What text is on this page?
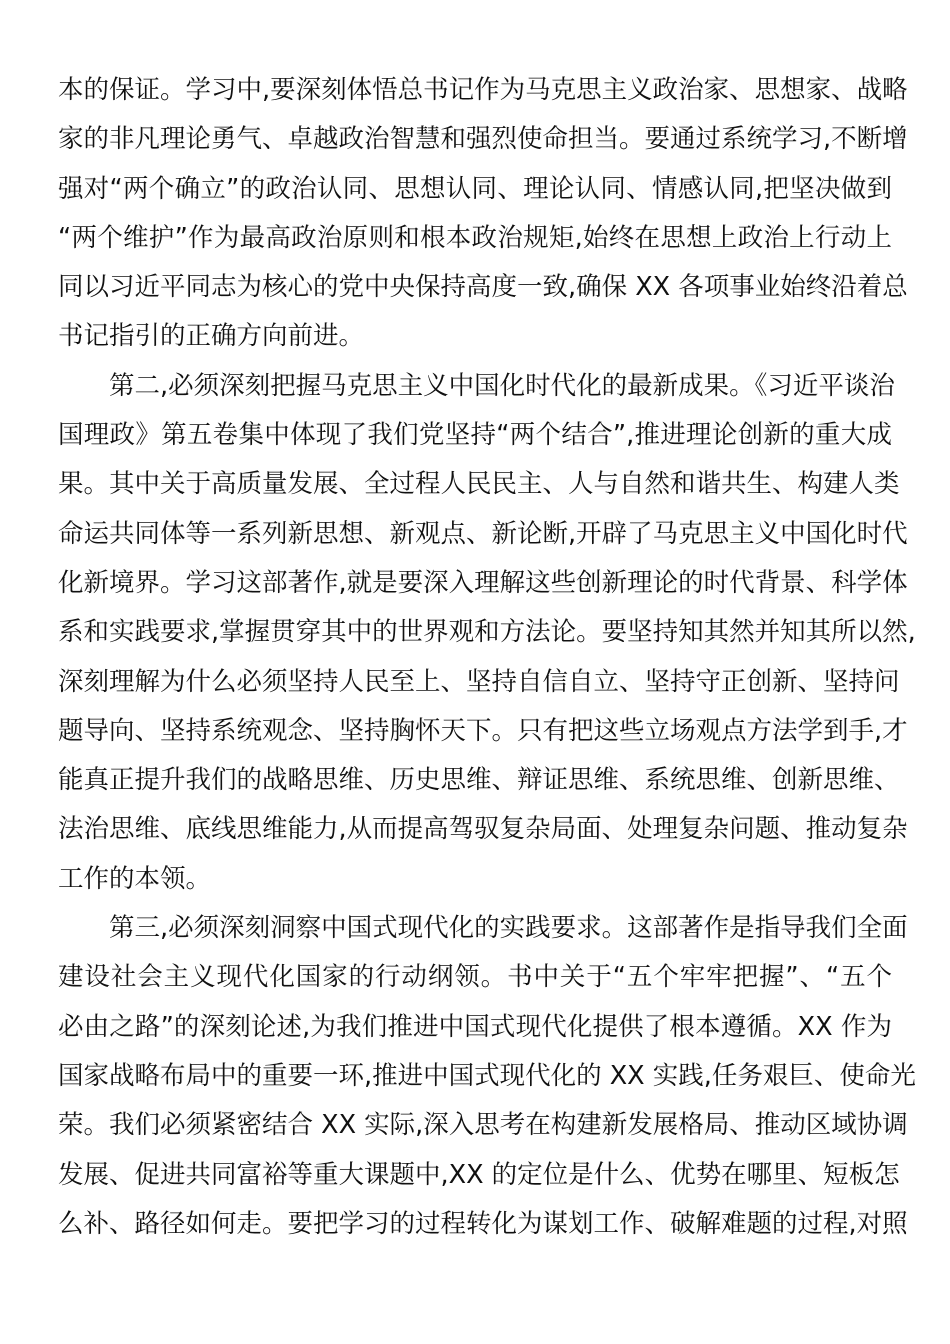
本的保证。学习中,要深刻体悟总书记作为马克思主义政治家、思想家、战略
家的非凡理论勇气、卓越政治智慧和强烈使命担当。要通过系统学习,不断增
强对“两个确立”的政治认同、思想认同、理论认同、情感认同,把坚决做到
“两个维护”作为最高政治原则和根本政治规矩,始终在思想上政治上行动上
同以习近平同志为核心的党中央保持高度一致,确保 XX 各项事业始终沿着总
书记指引的正确方向前进。
第二,必须深刻把握马克思主义中国化时代化的最新成果。《习近平谈治
国理政》第五卷集中体现了我们党坚持“两个结合”,推进理论创新的重大成
果。其中关于高质量发展、全过程人民民主、人与自然和谐共生、构建人类
命运共同体等一系列新思想、新观点、新论断,开辟了马克思主义中国化时代
化新境界。学习这部著作,就是要深入理解这些创新理论的时代背景、科学体
系和实践要求,掌握贯穿其中的世界观和方法论。要坚持知其然并知其所以然,
深刻理解为什么必须坚持人民至上、坚持自信自立、坚持守正创新、坚持问
题导向、坚持系统观念、坚持胸怀天下。只有把这些立场观点方法学到手,才
能真正提升我们的战略思维、历史思维、辩证思维、系统思维、创新思维、
法治思维、底线思维能力,从而提高驾驭复杂局面、处理复杂问题、推动复杂
工作的本领。
第三,必须深刻洞察中国式现代化的实践要求。这部著作是指导我们全面
建设社会主义现代化国家的行动纲领。书中关于“五个牢牢把握”、“五个
必由之路”的深刻论述,为我们推进中国式现代化提供了根本遵循。XX 作为
国家战略布局中的重要一环,推进中国式现代化的 XX 实践,任务艰巨、使命光
荣。我们必须紧密结合 XX 实际,深入思考在构建新发展格局、推动区域协调
发展、促进共同富裕等重大课题中,XX 的定位是什么、优势在哪里、短板怎
么补、路径如何走。要把学习的过程转化为谋划工作、破解难题的过程,对照
